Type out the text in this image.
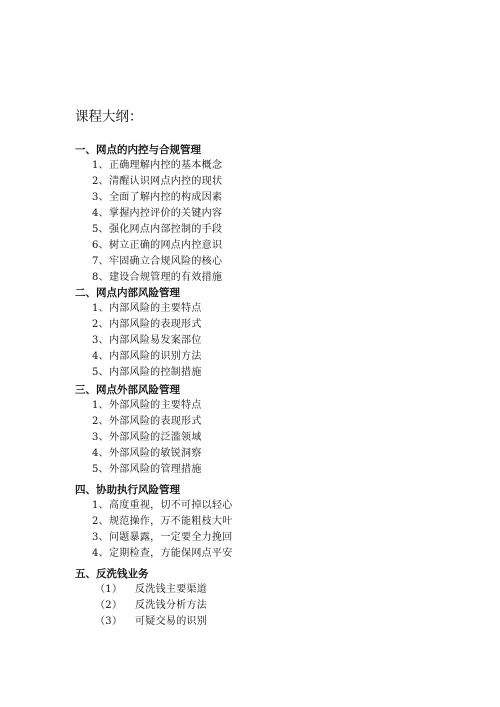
课程大纲：
一、网点的内控与合规管理
1、正确理解内控的基本概念
2、清醒认识网点内控的现状
3、全面了解内控的构成因素
4、掌握内控评价的关键内容
5、强化网点内部控制的手段
6、树立正确的网点内控意识
7、牢固确立合规风险的核心
8、建设合规管理的有效措施
二、网点内部风险管理
1、内部风险的主要特点
2、内部风险的表现形式
3、内部风险易发案部位
4、内部风险的识别方法
5、内部风险的控制措施
三、网点外部风险管理
1、外部风险的主要特点
2、外部风险的表现形式
3、外部风险的泛滥领域
4、外部风险的敏锐洞察
5、外部风险的管理措施
四、协助执行风险管理
1、高度重视，切不可掉以轻心
2、规范操作，万不能粗枝大叶
3、问题暴露，一定要全力挽回
4、定期检查，方能保网点平安
五、反洗钱业务
（1） 反洗钱主要渠道
（2） 反洗钱分析方法
（3） 可疑交易的识别
